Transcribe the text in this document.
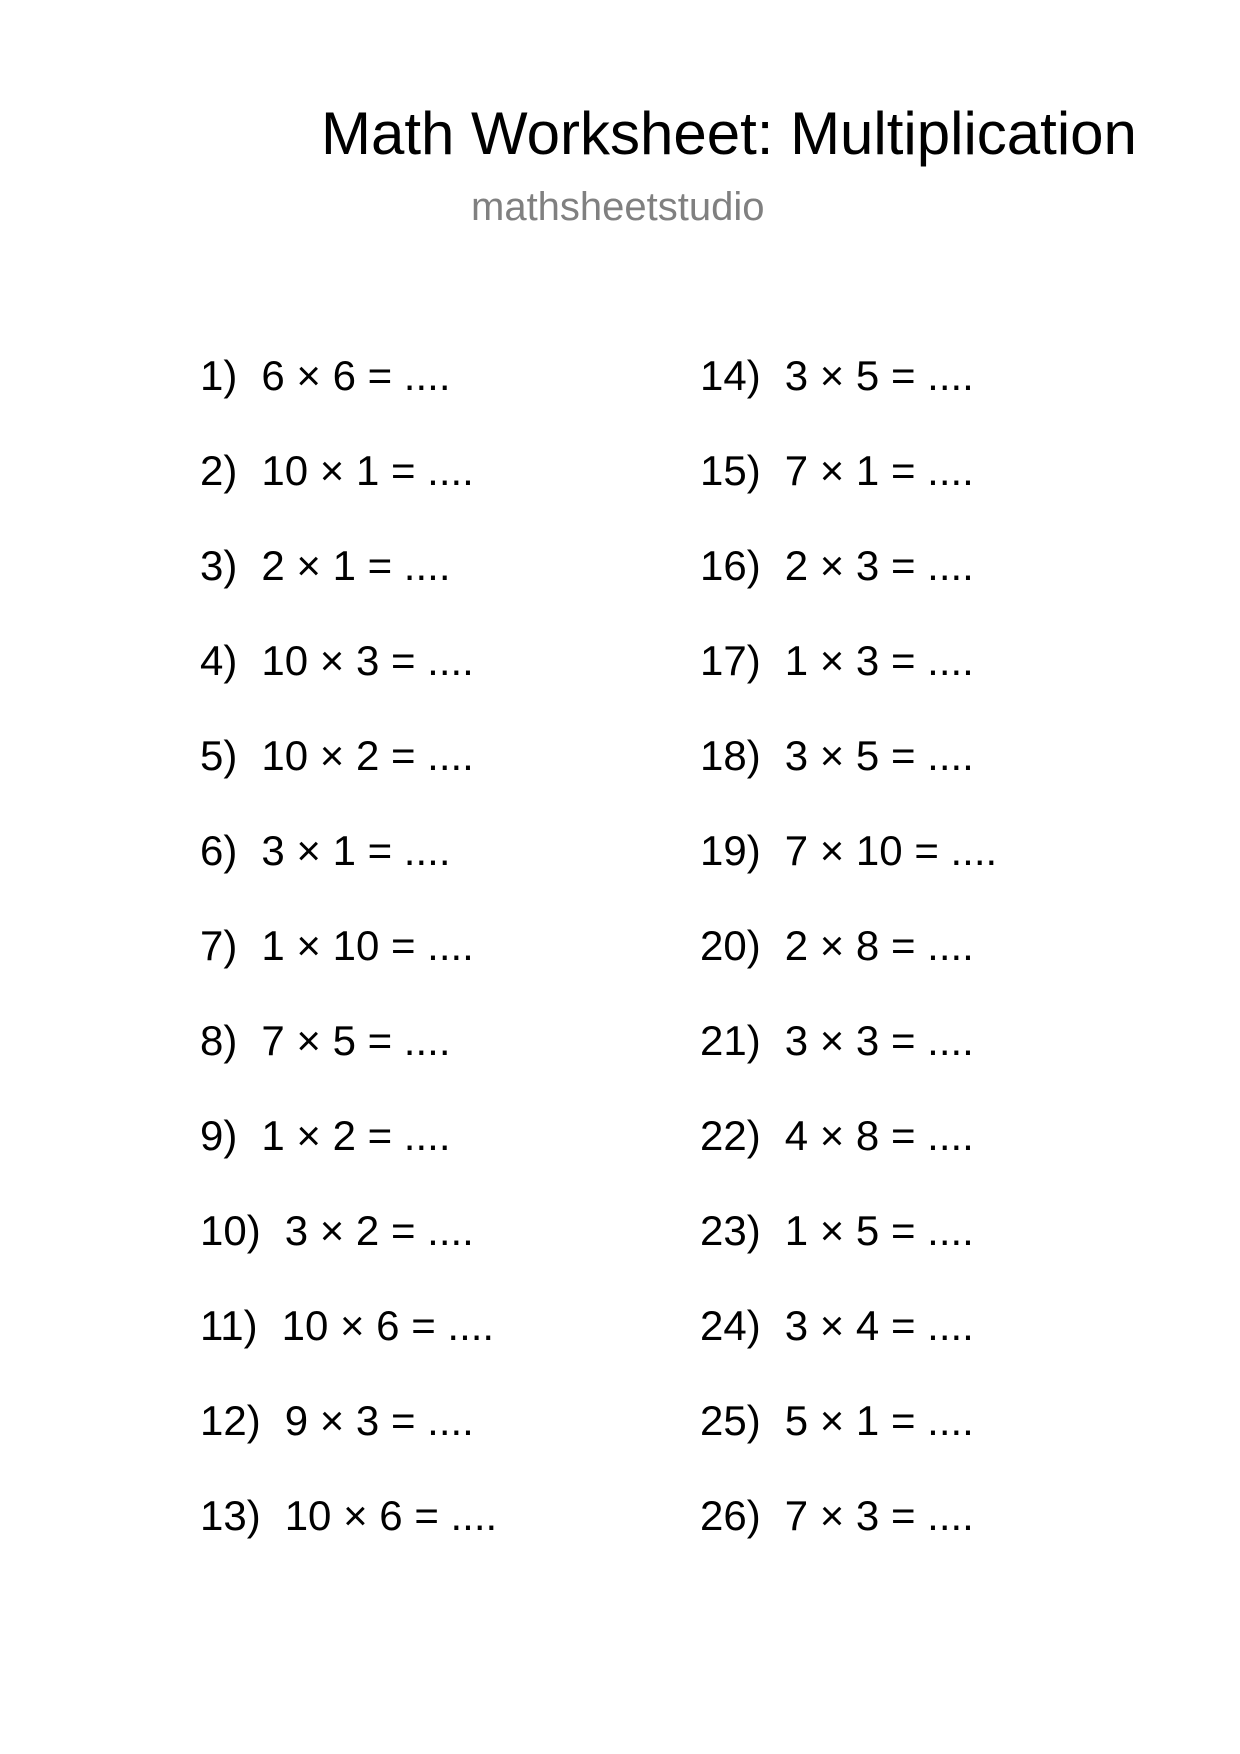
Math Worksheet: Multiplication
mathsheetstudio
1) 6 × 6 = ....
2) 10 × 1 = ....
3) 2 × 1 = ....
4) 10 × 3 = ....
5) 10 × 2 = ....
6) 3 × 1 = ....
7) 1 × 10 = ....
8) 7 × 5 = ....
9) 1 × 2 = ....
10) 3 × 2 = ....
11) 10 × 6 = ....
12) 9 × 3 = ....
13) 10 × 6 = ....
14) 3 × 5 = ....
15) 7 × 1 = ....
16) 2 × 3 = ....
17) 1 × 3 = ....
18) 3 × 5 = ....
19) 7 × 10 = ....
20) 2 × 8 = ....
21) 3 × 3 = ....
22) 4 × 8 = ....
23) 1 × 5 = ....
24) 3 × 4 = ....
25) 5 × 1 = ....
26) 7 × 3 = ....
